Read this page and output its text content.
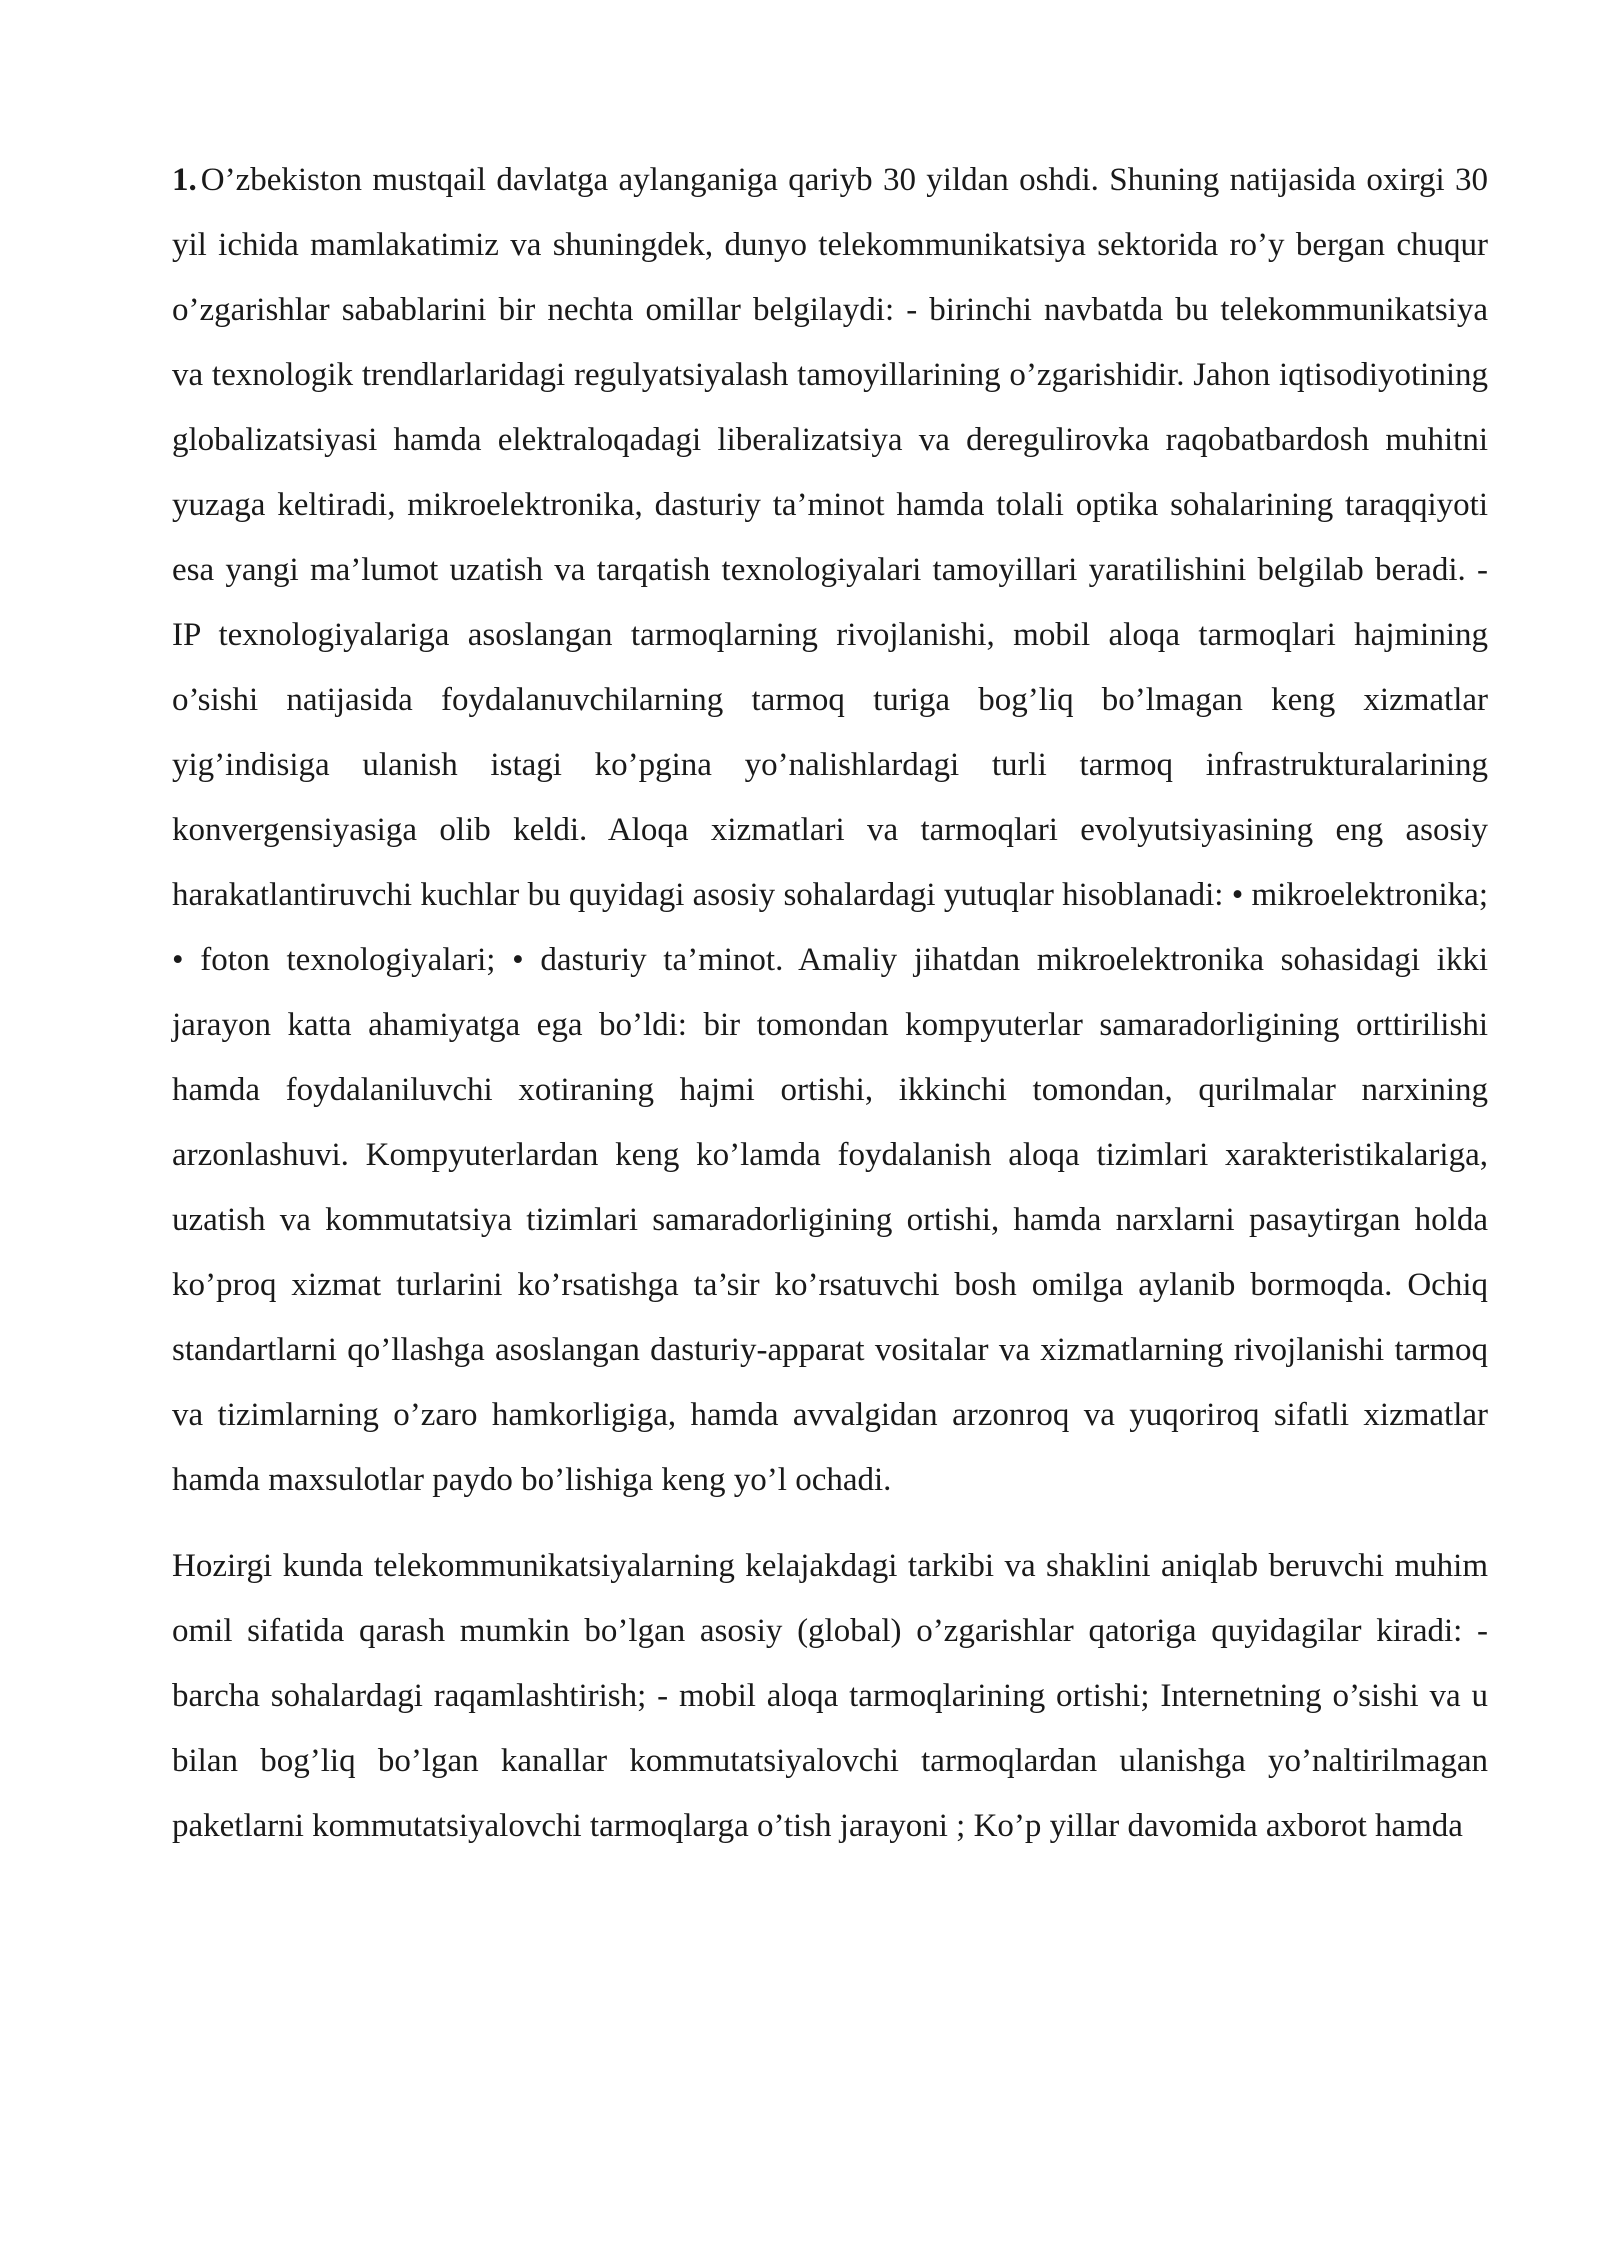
1. O’zbekiston mustqail davlatga aylanganiga qariyb 30 yildan oshdi. Shuning natijasida oxirgi 30 yil ichida mamlakatimiz va shuningdek, dunyo telekommunikatsiya sektorida ro’y bergan chuqur o’zgarishlar sabablarini bir nechta omillar belgilaydi: - birinchi navbatda bu telekommunikatsiya va texnologik trendlarlaridagi regulyatsiyalash tamoyillarining o’zgarishidir. Jahon iqtisodiyotining globalizatsiyasi hamda elektraloqadagi liberalizatsiya va deregulirovka raqobatbardosh muhitni yuzaga keltiradi, mikroelektronika, dasturiy ta’minot hamda tolali optika sohalarining taraqqiyoti esa yangi ma’lumot uzatish va tarqatish texnologiyalari tamoyillari yaratilishini belgilab beradi. - IP texnologiyalariga asoslangan tarmoqlarning rivojlanishi, mobil aloqa tarmoqlari hajmining o’sishi natijasida foydalanuvchilarning tarmoq turiga bog’liq bo’lmagan keng xizmatlar yig’indisiga ulanish istagi ko’pgina yo’nalishlardagi turli tarmoq infrastrukturalarining konvergensiyasiga olib keldi. Aloqa xizmatlari va tarmoqlari evolyutsiyasining eng asosiy harakatlantiruvchi kuchlar bu quyidagi asosiy sohalardagi yutuqlar hisoblanadi: • mikroelektronika; • foton texnologiyalari; • dasturiy ta’minot. Amaliy jihatdan mikroelektronika sohasidagi ikki jarayon katta ahamiyatga ega bo’ldi: bir tomondan kompyuterlar samaradorligining orttirilishi hamda foydalaniluvchi xotiraning hajmi ortishi, ikkinchi tomondan, qurilmalar narxining arzonlashuvi. Kompyuterlardan keng ko’lamda foydalanish aloqa tizimlari xarakteristikalariga, uzatish va kommutatsiya tizimlari samaradorligining ortishi, hamda narxlarni pasaytirgan holda ko’proq xizmat turlarini ko’rsatishga ta’sir ko’rsatuvchi bosh omilga aylanib bormoqda. Ochiq standartlarni qo’llashga asoslangan dasturiy-apparat vositalar va xizmatlarning rivojlanishi tarmoq va tizimlarning o’zaro hamkorligiga, hamda avvalgidan arzonroq va yuqoriroq sifatli xizmatlar hamda maxsulotlar paydo bo’lishiga keng yo’l ochadi.

Hozirgi kunda telekommunikatsiyalarning kelajakdagi tarkibi va shaklini aniqlab beruvchi muhim omil sifatida qarash mumkin bo’lgan asosiy (global) o’zgarishlar qatoriga quyidagilar kiradi: - barcha sohalardagi raqamlashtirish; - mobil aloqa tarmoqlarining ortishi; Internetning o’sishi va u bilan bog’liq bo’lgan kanallar kommutatsiyalovchi tarmoqlardan ulanishga yo’naltirilmagan paketlarni kommutatsiyalovchi tarmoqlarga o’tish jarayoni ; Ko’p yillar davomida axborot hamda
